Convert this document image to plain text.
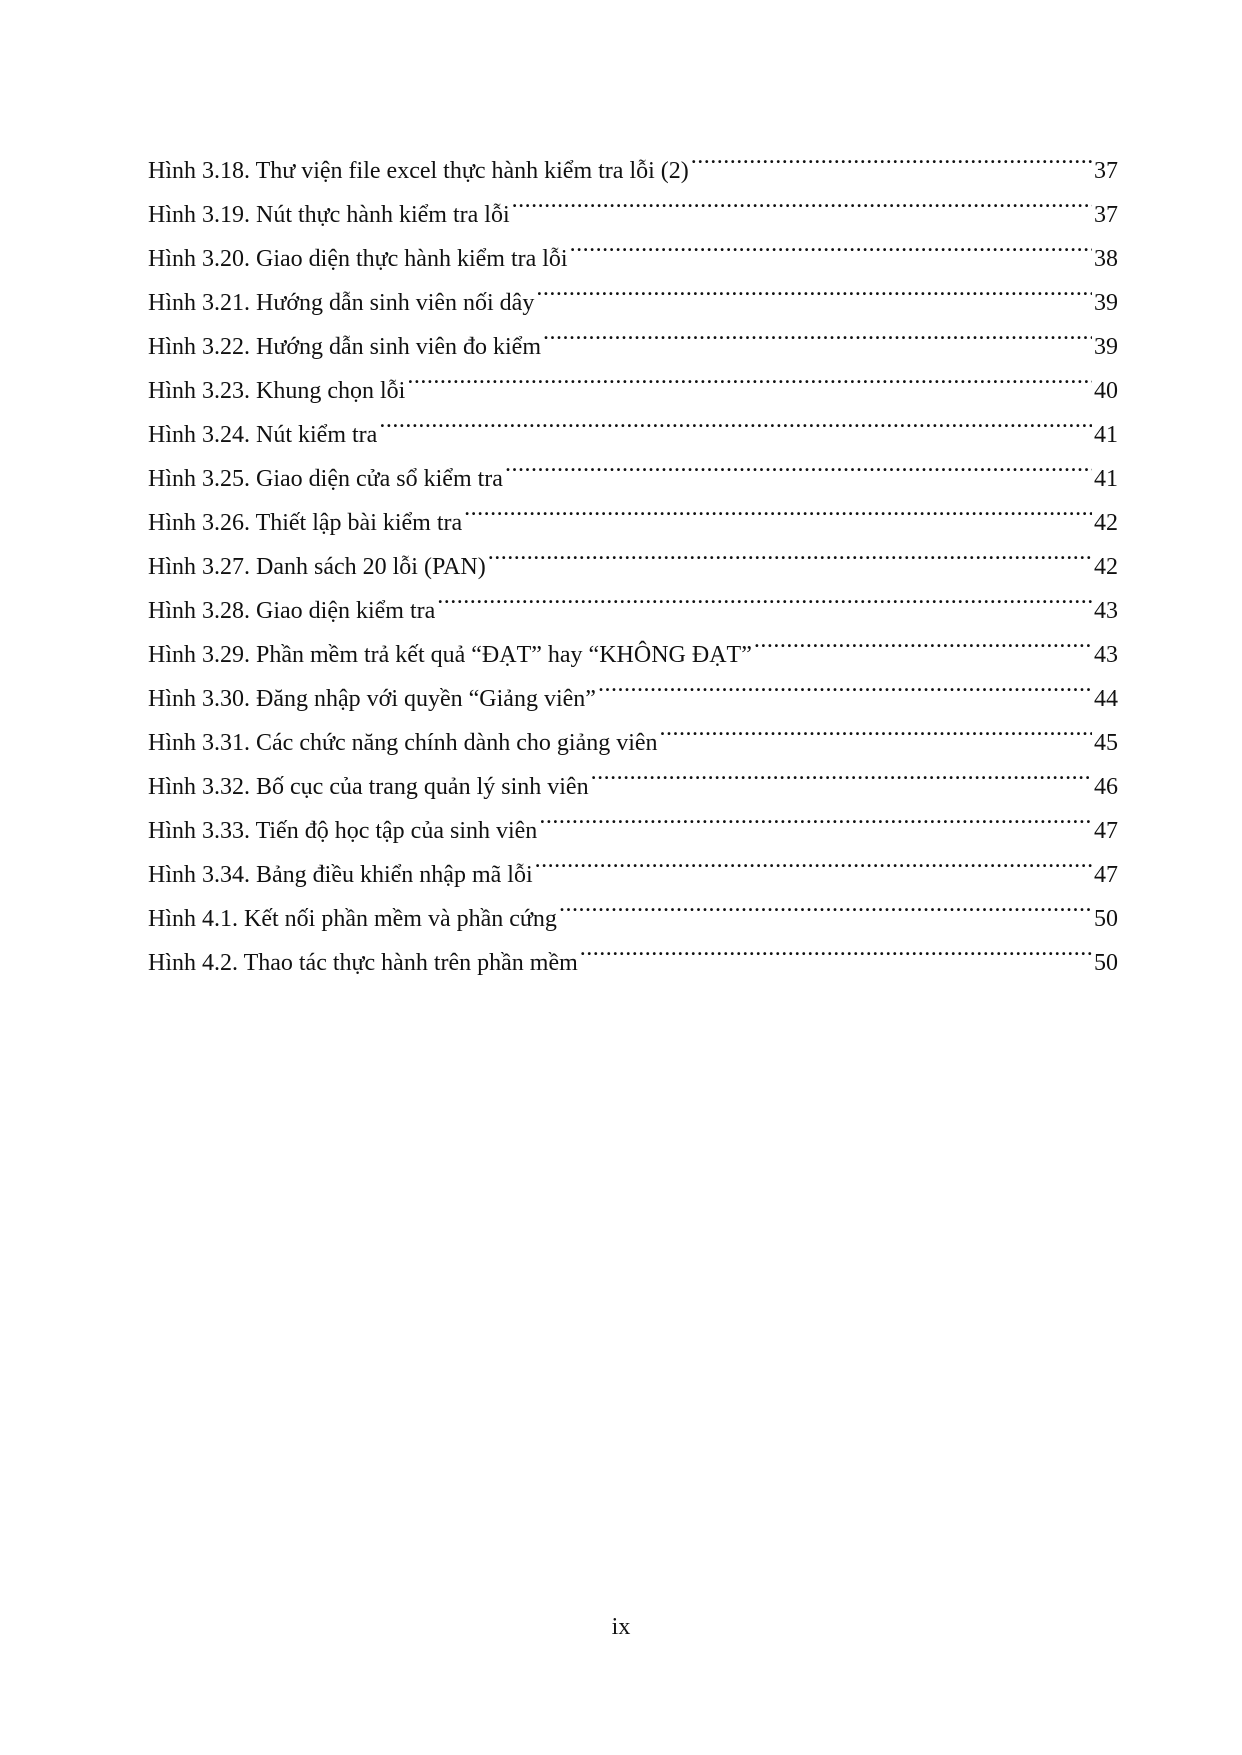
Hình 3.18. Thư viện file excel thực hành kiểm tra lỗi (2) .....	37
Hình 3.19. Nút thực hành kiểm tra lỗi .....	37
Hình 3.20. Giao diện thực hành kiểm tra lỗi .....	38
Hình 3.21. Hướng dẫn sinh viên nối dây .....	39
Hình 3.22. Hướng dẫn sinh viên đo kiểm .....	39
Hình 3.23. Khung chọn lỗi .....	40
Hình 3.24. Nút kiểm tra .....	41
Hình 3.25. Giao diện cửa sổ kiểm tra .....	41
Hình 3.26. Thiết lập bài kiểm tra .....	42
Hình 3.27. Danh sách 20 lỗi (PAN) .....	42
Hình 3.28. Giao diện kiểm tra .....	43
Hình 3.29. Phần mềm trả kết quả “ĐẠT” hay “KHÔNG ĐẠT” .....	43
Hình 3.30. Đăng nhập với quyền “Giảng viên” .....	44
Hình 3.31. Các chức năng chính dành cho giảng viên .....	45
Hình 3.32. Bố cục của trang quản lý sinh viên .....	46
Hình 3.33. Tiến độ học tập của sinh viên .....	47
Hình 3.34. Bảng điều khiển nhập mã lỗi .....	47
Hình 4.1. Kết nối phần mềm và phần cứng .....	50
Hình 4.2. Thao tác thực hành trên phần mềm .....	50
ix
